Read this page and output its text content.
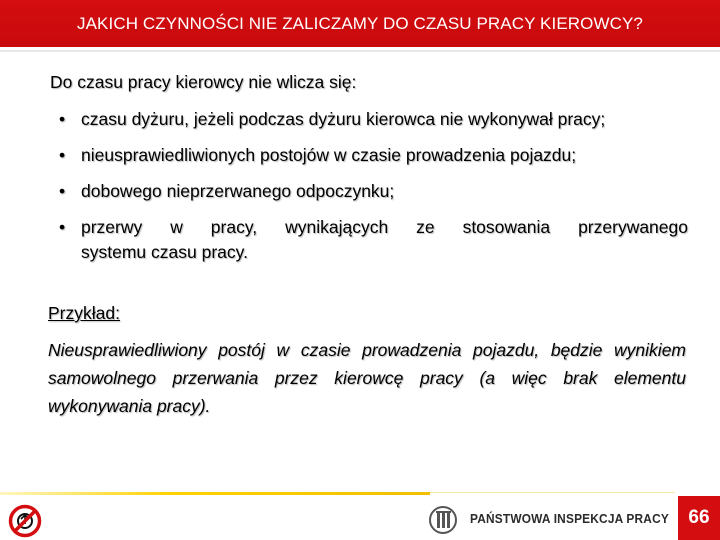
JAKICH CZYNNOŚCI NIE ZALICZAMY DO CZASU PRACY KIEROWCY?
Do czasu pracy kierowcy nie wlicza się:
• czasu dyżuru, jeżeli podczas dyżuru kierowca nie wykonywał pracy;
• nieusprawiedliwionych postojów w czasie prowadzenia pojazdu;
• dobowego nieprzerwanego odpoczynku;
• przerwy w pracy, wynikających ze stosowania przerywanego
systemu czasu pracy.
Przykład:
Nieusprawiedliwiony postój w czasie prowadzenia pojazdu, będzie wynikiem samowolnego przerwania przez kierowcę pracy (a więc brak elementu wykonywania pracy).
PAŃSTWOWA INSPEKCJA PRACY	66
